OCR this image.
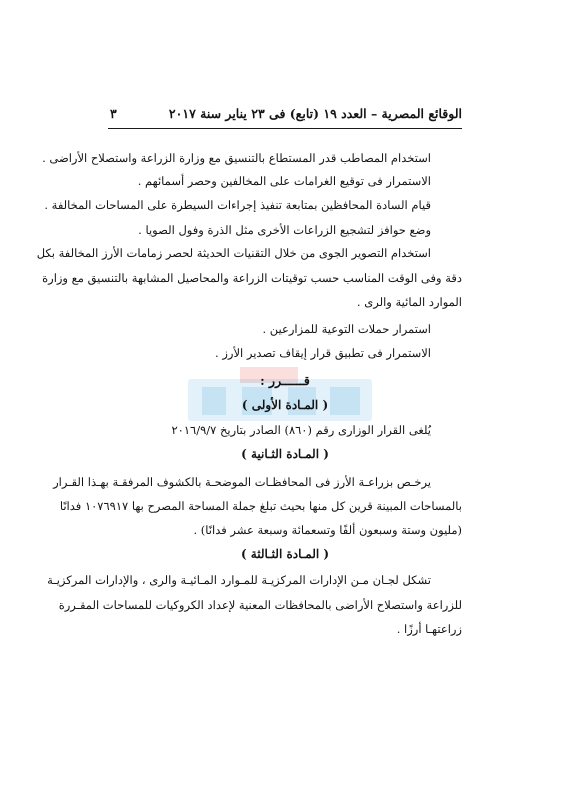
الوقائع المصرية – العدد ١٩ (تابع) فى ٢٣ يناير سنة ٢٠١٧
٣
استخدام المصاطب قدر المستطاع بالتنسيق مع وزارة الزراعة واستصلاح الأراضى .
الاستمرار فى توقيع الغرامات على المخالفين وحصر أسمائهم .
قيام السادة المحافظين بمتابعة تنفيذ إجراءات السيطرة على المساحات المخالفة .
وضع حوافز لتشجيع الزراعات الأخرى مثل الذرة وفول الصويا .
استخدام التصوير الجوى من خلال التقنيات الحديثة لحصر زمامات الأرز المخالفة بكل
دقة وفى الوقت المناسب حسب توقيتات الزراعة والمحاصيل المشابهة بالتنسيق مع وزارة
الموارد المائية والرى .
استمرار حملات التوعية للمزارعين .
الاستمرار فى تطبيق قرار إيقاف تصدير الأرز .
قــــــرر :
( المـادة الأولى )
يُلغى القرار الوزارى رقم (٨٦٠) الصادر بتاريخ ٢٠١٦/٩/٧
( المـادة الثـانية )
يرخـص بزراعـة الأرز فى المحافظـات الموضحـة بالكشوف المرفقـة بهـذا القـرار
بالمساحات المبينة قرين كل منها بحيث تبلغ جملة المساحة المصرح بها ١٠٧٦٩١٧ فدانًا
(مليون وستة وسبعون ألفًا وتسعمائة وسبعة عشر فدانًا) .
( المـادة الثـالثة )
تشكل لجـان مـن الإدارات المركزيـة للمـوارد المـائيـة والرى ، والإدارات المركزيـة
للزراعة واستصلاح الأراضى بالمحافظات المعنية لإعداد الكروكيات للمساحات المقـررة
زراعتهـا أرزًا .
